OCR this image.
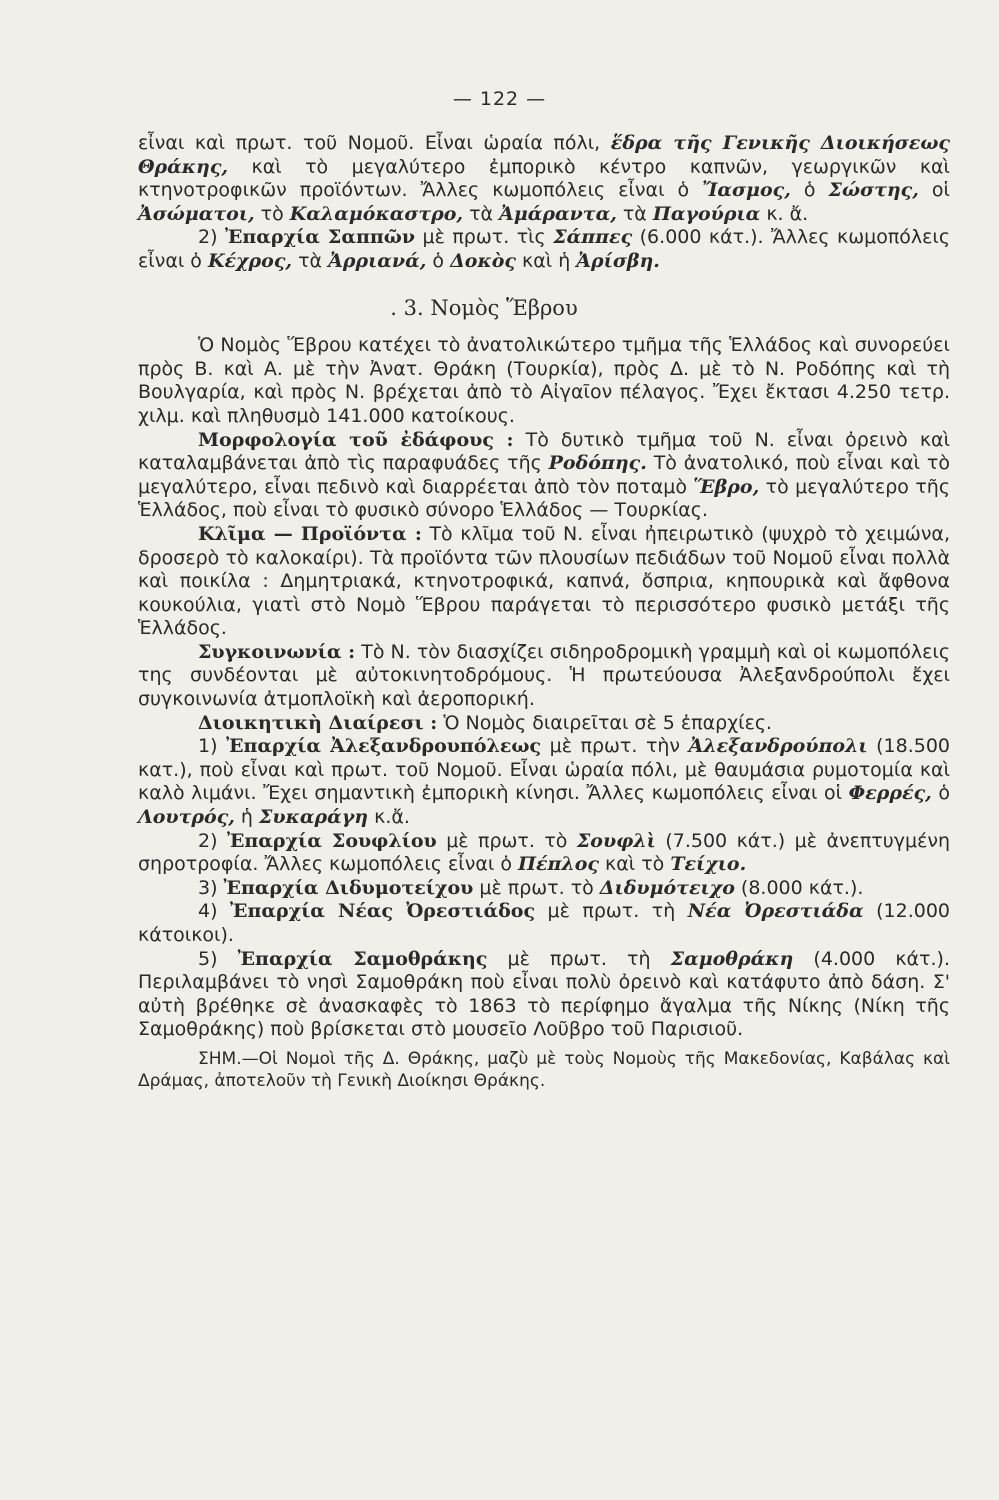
— 122 —

εἶναι καὶ πρωτ. τοῦ Νομοῦ. Εἶναι ὡραία πόλι, ἕδρα τῆς Γενικῆς Διοικήσεως Θράκης, καὶ τὸ μεγαλύτερο ἐμπορικὸ κέντρο καπνῶν, γεωργικῶν καὶ κτηνοτροφικῶν προϊόντων. Ἄλλες κωμοπόλεις εἶναι ὁ Ἴασμος, ὁ Σώστης, οἱ Ἀσώματοι, τὸ Καλαμόκαστρο, τὰ Ἀμάραντα, τὰ Παγούρια κ. ἄ.

2) Ἐπαρχία Σαππῶν μὲ πρωτ. τὶς Σάππες (6.000 κάτ.). Ἄλλες κωμοπόλεις εἶναι ὁ Κέχρος, τὰ Ἀρριανά, ὁ Δοκὸς καὶ ἡ Ἀρίσβη.

. 3. Νομὸς Ἕβρου

Ὁ Νομὸς Ἕβρου κατέχει τὸ ἀνατολικώτερο τμῆμα τῆς Ἑλλάδος καὶ συνορεύει πρὸς Β. καὶ Α. μὲ τὴν Ἀνατ. Θράκη (Τουρκία), πρὸς Δ. μὲ τὸ Ν. Ροδόπης καὶ τὴ Βουλγαρία, καὶ πρὸς Ν. βρέχεται ἀπὸ τὸ Αἰγαῖον πέλαγος. Ἔχει ἔκτασι 4.250 τετρ. χιλμ. καὶ πληθυσμὸ 141.000 κατοίκους.

Μορφολογία τοῦ ἐδάφους : Τὸ δυτικὸ τμῆμα τοῦ Ν. εἶναι ὀρεινὸ καὶ καταλαμβάνεται ἀπὸ τὶς παραφυάδες τῆς Ροδόπης. Τὸ ἀνατολικό, ποὺ εἶναι καὶ τὸ μεγαλύτερο, εἶναι πεδινὸ καὶ διαρρέεται ἀπὸ τὸν ποταμὸ Ἕβρο, τὸ μεγαλύτερο τῆς Ἑλλάδος, ποὺ εἶναι τὸ φυσικὸ σύνορο Ἑλλάδος — Τουρκίας.

Κλῖμα — Προϊόντα : Τὸ κλῖμα τοῦ Ν. εἶναι ἠπειρωτικὸ (ψυχρὸ τὸ χειμώνα, δροσερὸ τὸ καλοκαίρι). Τὰ προϊόντα τῶν πλουσίων πεδιάδων τοῦ Νομοῦ εἶναι πολλὰ καὶ ποικίλα : Δημητριακά, κτηνοτροφικά, καπνά, ὄσπρια, κηπουρικὰ καὶ ἄφθονα κουκούλια, γιατὶ στὸ Νομὸ Ἕβρου παράγεται τὸ περισσότερο φυσικὸ μετάξι τῆς Ἑλλάδος.

Συγκοινωνία : Τὸ Ν. τὸν διασχίζει σιδηροδρομικὴ γραμμὴ καὶ οἱ κωμοπόλεις της συνδέονται μὲ αὐτοκινητοδρόμους. Ἡ πρωτεύουσα Ἀλεξανδρούπολι ἔχει συγκοινωνία ἀτμοπλοϊκὴ καὶ ἀεροπορική.

Διοικητικὴ Διαίρεσι : Ὁ Νομὸς διαιρεῖται σὲ 5 ἐπαρχίες.

1) Ἐπαρχία Ἀλεξανδρουπόλεως μὲ πρωτ. τὴν Ἀλεξανδρούπολι (18.500 κατ.), ποὺ εἶναι καὶ πρωτ. τοῦ Νομοῦ. Εἶναι ὡραία πόλι, μὲ θαυμάσια ρυμοτομία καὶ καλὸ λιμάνι. Ἔχει σημαντικὴ ἐμπορικὴ κίνησι. Ἄλλες κωμοπόλεις εἶναι οἱ Φερρές, ὁ Λουτρός, ἡ Συκαράγη κ.ἄ.

2) Ἐπαρχία Σουφλίου μὲ πρωτ. τὸ Σουφλὶ (7.500 κάτ.) μὲ ἀνεπτυγμένη σηροτροφία. Ἄλλες κωμοπόλεις εἶναι ὁ Πέπλος καὶ τὸ Τείχιο.

3) Ἐπαρχία Διδυμοτείχου μὲ πρωτ. τὸ Διδυμότειχο (8.000 κάτ.).

4) Ἐπαρχία Νέας Ὀρεστιάδος μὲ πρωτ. τὴ Νέα Ὀρεστιάδα (12.000 κάτοικοι).

5) Ἐπαρχία Σαμοθράκης μὲ πρωτ. τὴ Σαμοθράκη (4.000 κάτ.). Περιλαμβάνει τὸ νησὶ Σαμοθράκη ποὺ εἶναι πολὺ ὀρεινὸ καὶ κατάφυτο ἀπὸ δάση. Σ' αὐτὴ βρέθηκε σὲ ἀνασκαφὲς τὸ 1863 τὸ περίφημο ἄγαλμα τῆς Νίκης (Νίκη τῆς Σαμοθράκης) ποὺ βρίσκεται στὸ μουσεῖο Λοῦβρο τοῦ Παρισιοῦ.

ΣΗΜ.—Οἱ Νομοὶ τῆς Δ. Θράκης, μαζὺ μὲ τοὺς Νομοὺς τῆς Μακεδονίας, Καβάλας καὶ Δράμας, ἀποτελοῦν τὴ Γενικὴ Διοίκησι Θράκης.
